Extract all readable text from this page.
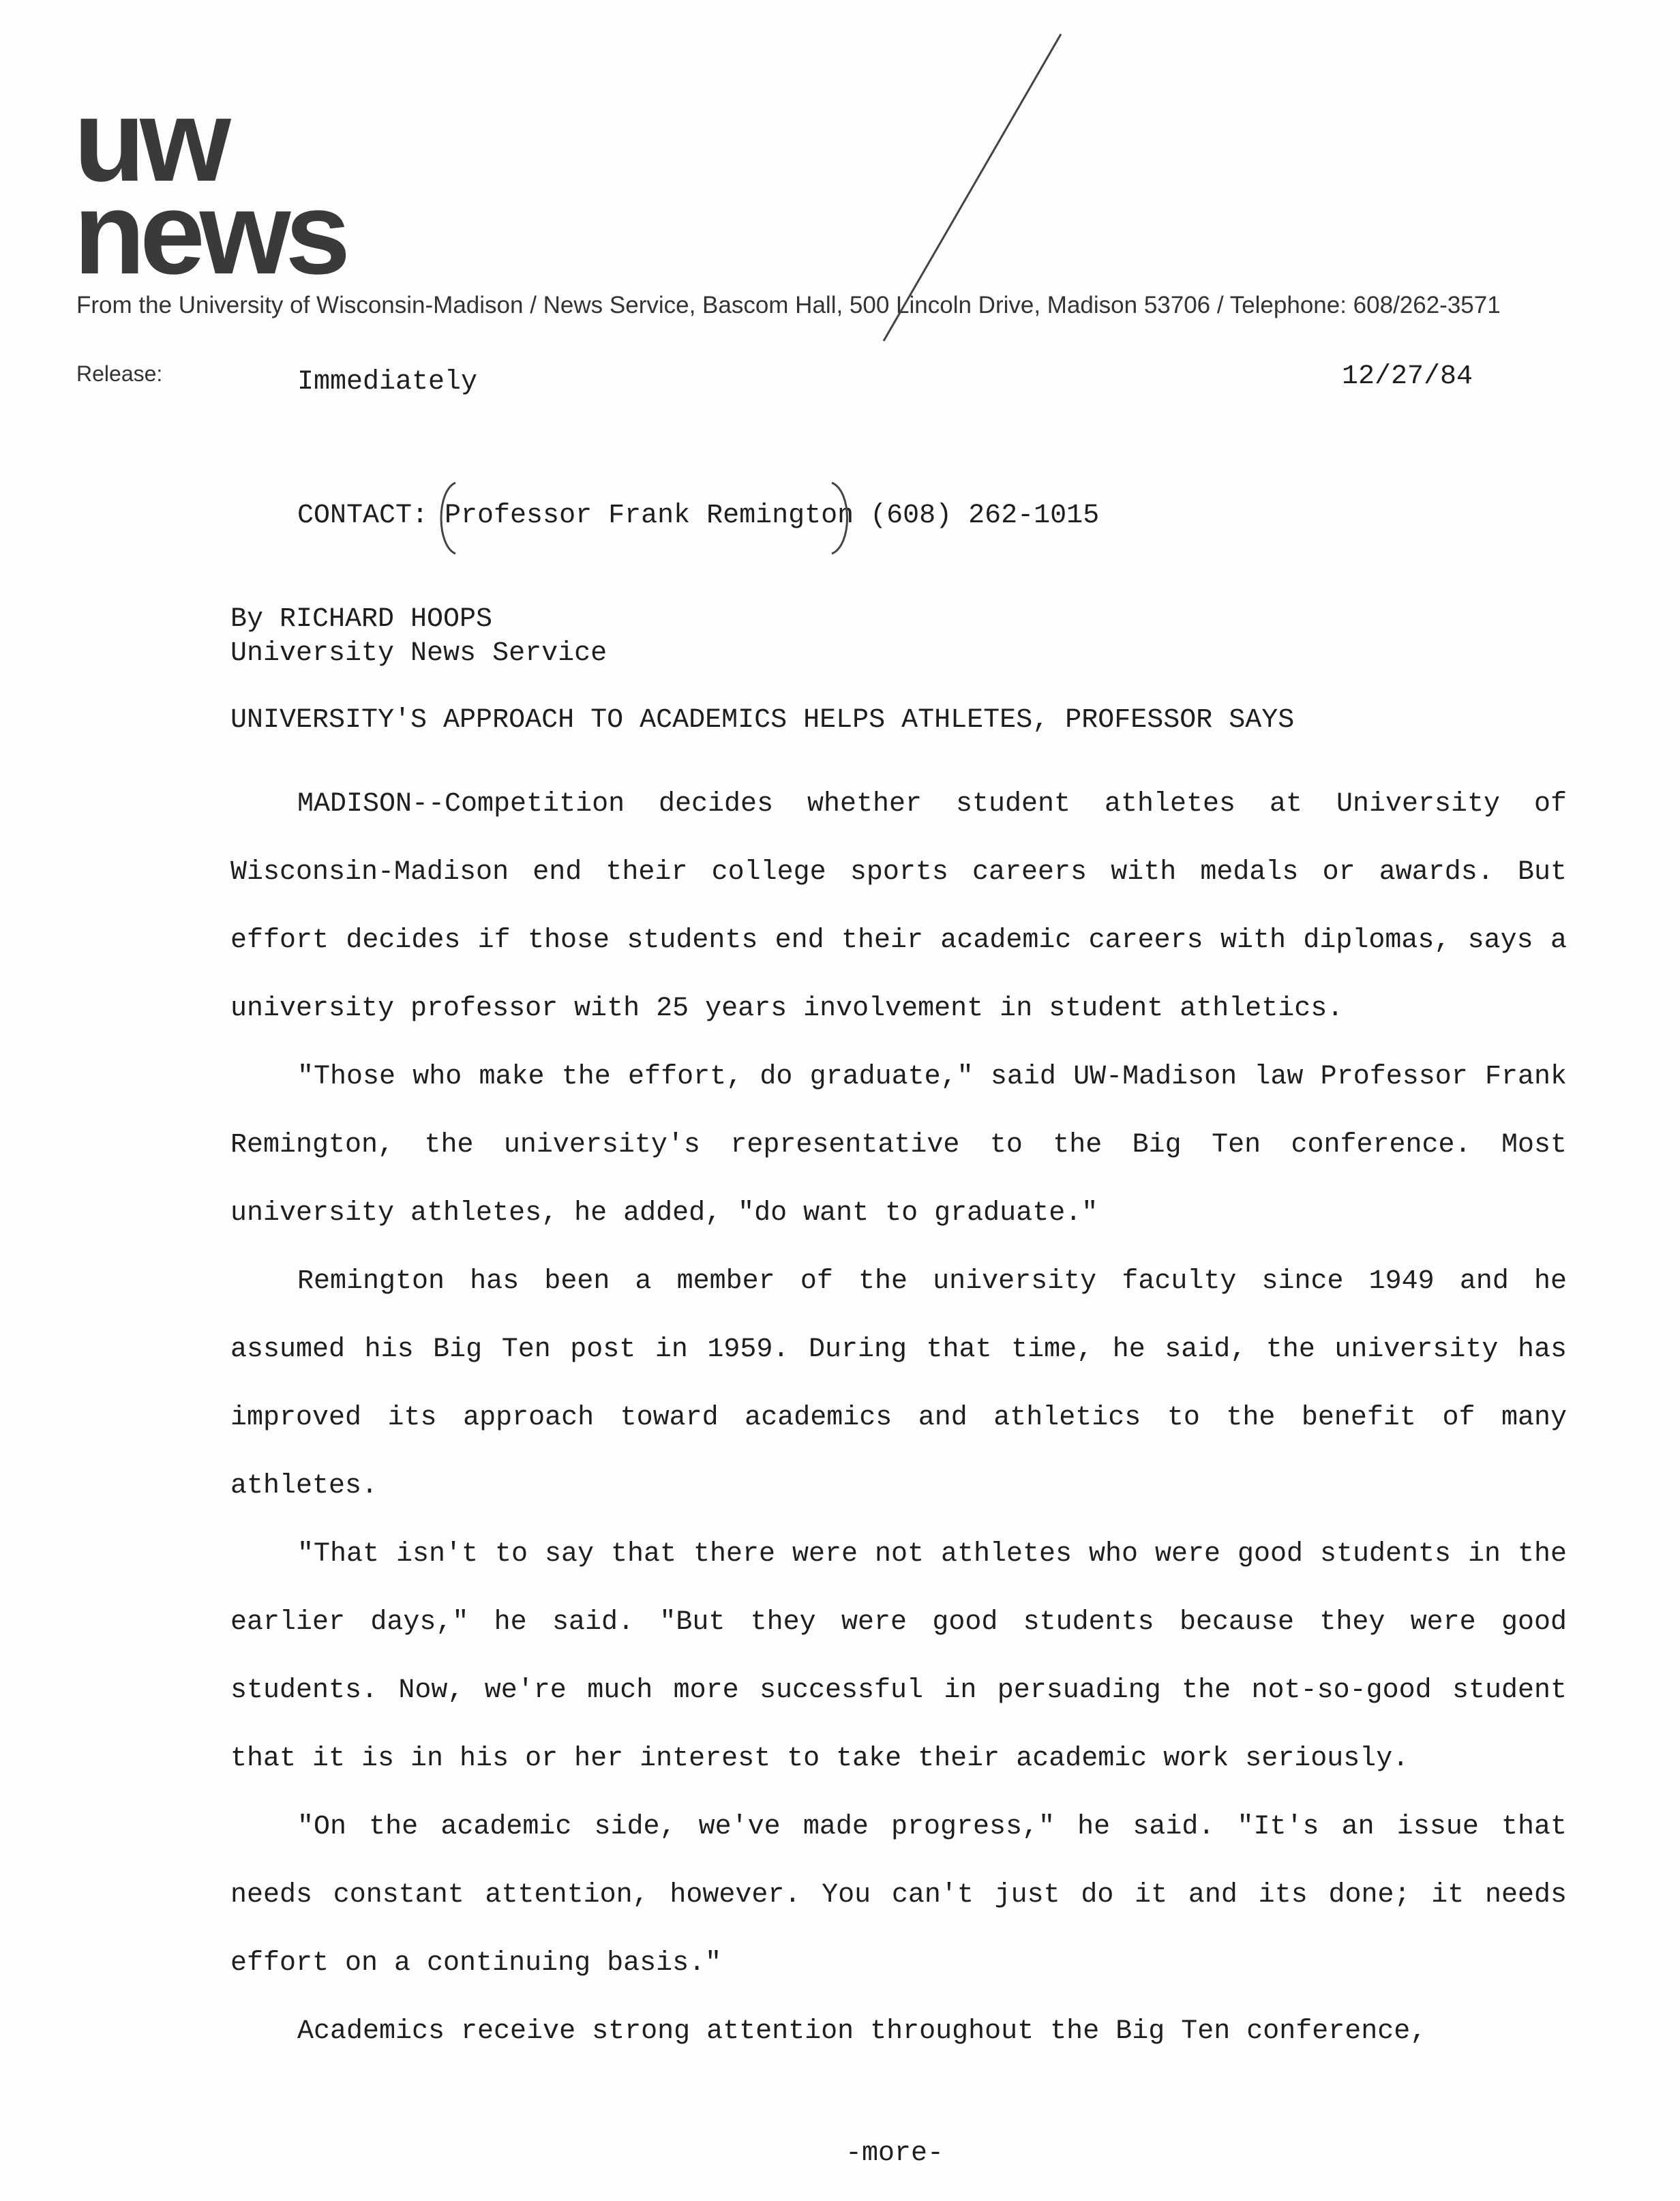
uw
news
From the University of Wisconsin-Madison / News Service, Bascom Hall, 500 Lincoln Drive, Madison 53706 / Telephone: 608/262-3571
Release:	Immediately	12/27/84
CONTACT: Professor Frank Remington (608) 262-1015
By RICHARD HOOPS
University News Service
UNIVERSITY'S APPROACH TO ACADEMICS HELPS ATHLETES, PROFESSOR SAYS

MADISON--Competition decides whether student athletes at University of Wisconsin-Madison end their college sports careers with medals or awards. But effort decides if those students end their academic careers with diplomas, says a university professor with 25 years involvement in student athletics.

"Those who make the effort, do graduate," said UW-Madison law Professor Frank Remington, the university's representative to the Big Ten conference. Most university athletes, he added, "do want to graduate."

Remington has been a member of the university faculty since 1949 and he assumed his Big Ten post in 1959. During that time, he said, the university has improved its approach toward academics and athletics to the benefit of many athletes.

"That isn't to say that there were not athletes who were good students in the earlier days," he said. "But they were good students because they were good students. Now, we're much more successful in persuading the not-so-good student that it is in his or her interest to take their academic work seriously.

"On the academic side, we've made progress," he said. "It's an issue that needs constant attention, however. You can't just do it and its done; it needs effort on a continuing basis."

Academics receive strong attention throughout the Big Ten conference,

-more-
